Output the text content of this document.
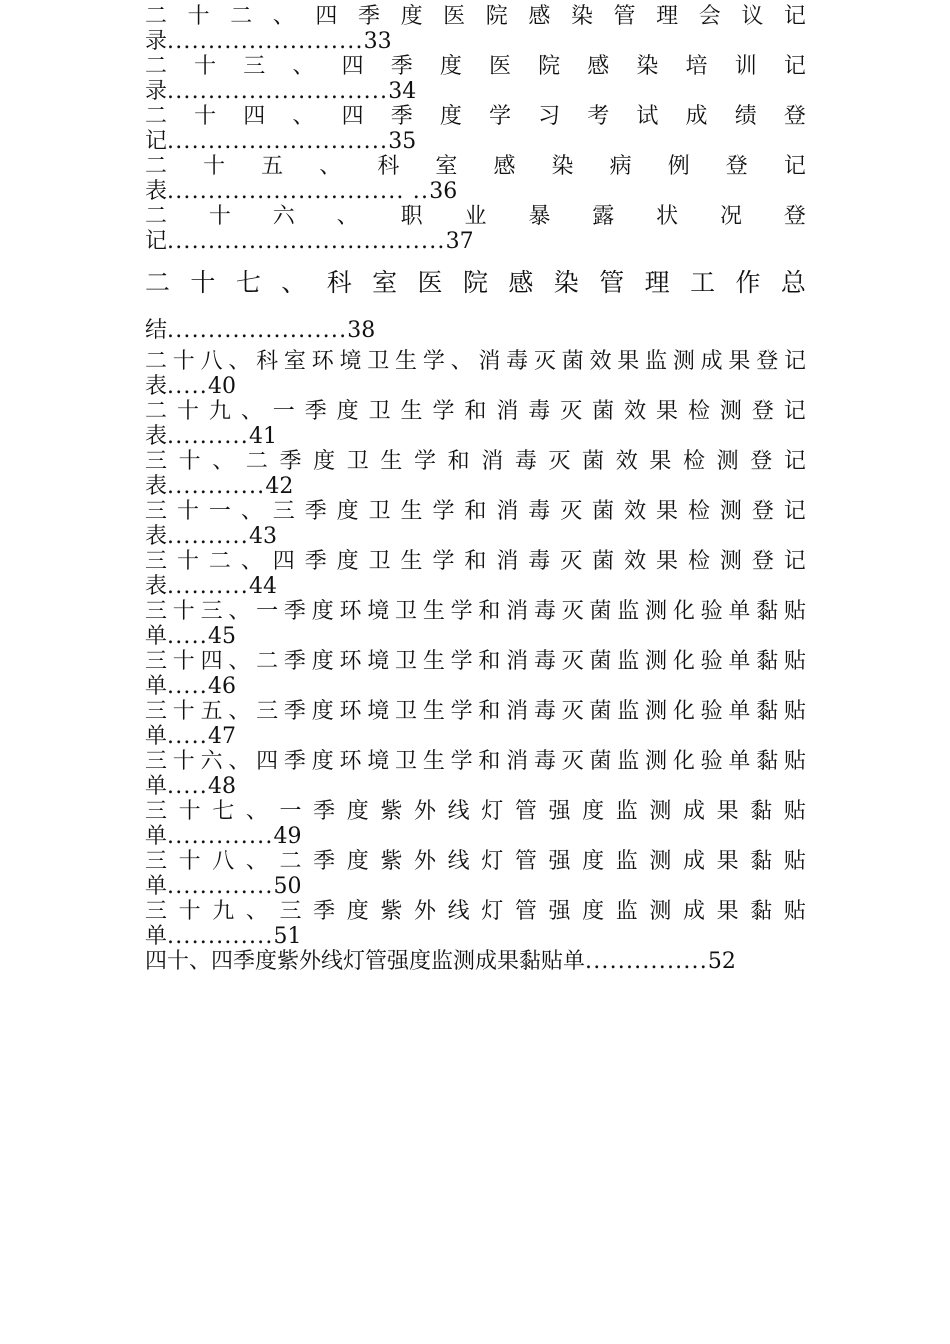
二 十 二 、 四 季 度 医 院 感 染 管 理 会 议 记
录........................33
二 十 三 、 四 季 度 医 院 感 染 培 训 记
录...........................34
二 十 四 、 四 季 度 学 习 考 试 成 绩 登
记...........................35
二 十 五 、 科 室 感 染 病 例 登 记
表............................. ..36
二 十 六 、 职 业 暴 露 状 况 登
记..................................37
二 十 七 、 科 室 医 院 感 染 管 理 工 作 总
结......................38
二 十 八 、 科 室 环 境 卫 生 学 、 消 毒 灭 菌 效 果 监 测 成 果 登 记
表.....40
二 十 九 、 一 季 度 卫 生 学 和 消 毒 灭 菌 效 果 检 测 登 记
表..........41
三 十 、 二 季 度 卫 生 学 和 消 毒 灭 菌 效 果 检 测 登 记
表............42
三 十 一 、 三 季 度 卫 生 学 和 消 毒 灭 菌 效 果 检 测 登 记
表..........43
三 十 二 、 四 季 度 卫 生 学 和 消 毒 灭 菌 效 果 检 测 登 记
表..........44
三 十 三 、 一 季 度 环 境 卫 生 学 和 消 毒 灭 菌 监 测 化 验 单 黏 贴
单.....45
三 十 四 、 二 季 度 环 境 卫 生 学 和 消 毒 灭 菌 监 测 化 验 单 黏 贴
单.....46
三 十 五 、 三 季 度 环 境 卫 生 学 和 消 毒 灭 菌 监 测 化 验 单 黏 贴
单.....47
三 十 六 、 四 季 度 环 境 卫 生 学 和 消 毒 灭 菌 监 测 化 验 单 黏 贴
单.....48
三 十 七 、 一 季 度 紫 外 线 灯 管 强 度 监 测 成 果 黏 贴
单.............49
三 十 八 、 二 季 度 紫 外 线 灯 管 强 度 监 测 成 果 黏 贴
单.............50
三 十 九 、 三 季 度 紫 外 线 灯 管 强 度 监 测 成 果 黏 贴
单.............51
四十、四季度紫外线灯管强度监测成果黏贴单 ............... 52
